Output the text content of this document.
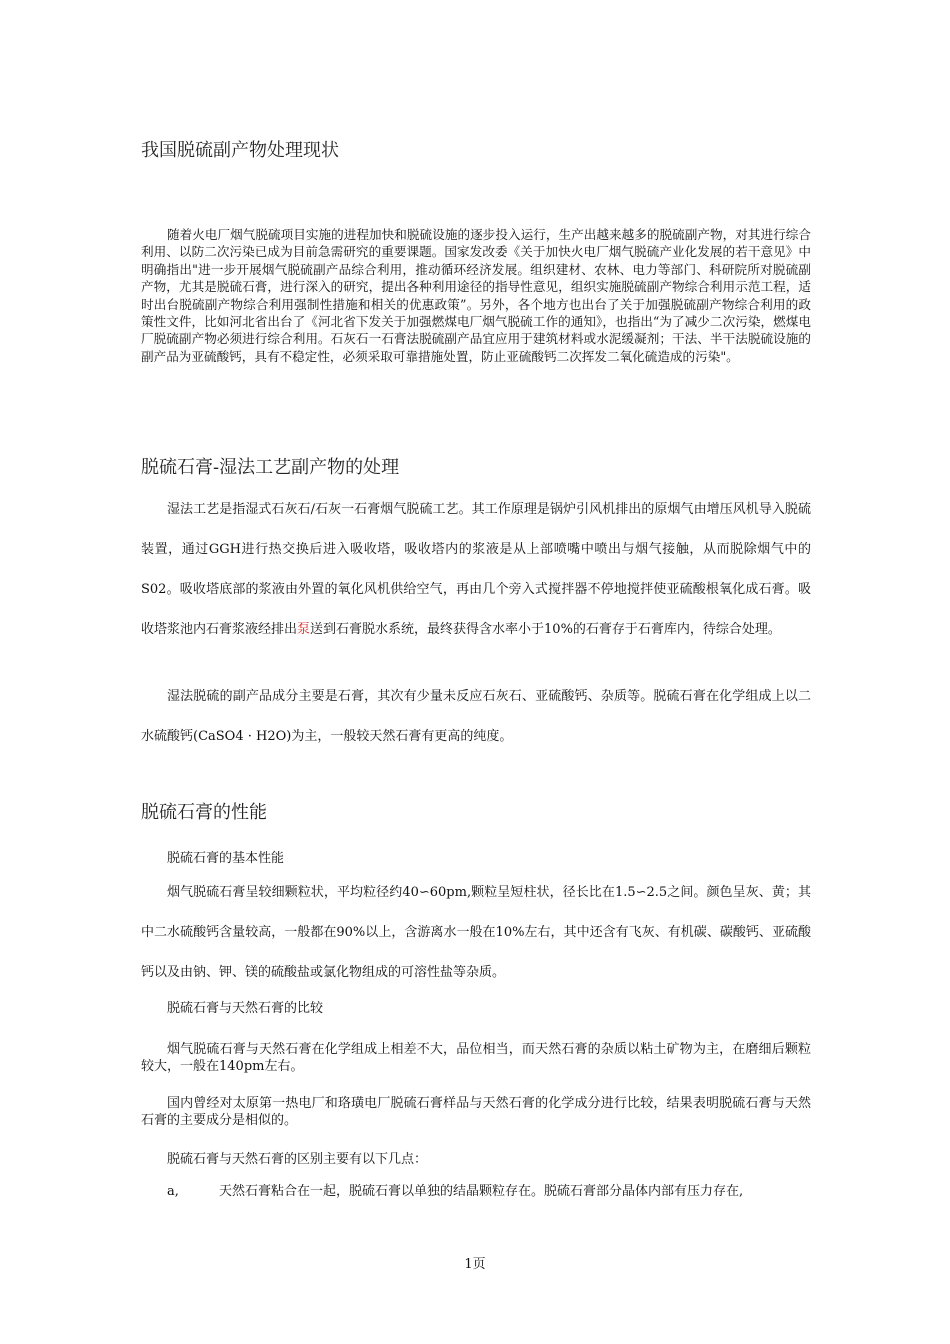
我国脱硫副产物处理现状

随着火电厂烟气脱硫项目实施的进程加快和脱硫设施的逐步投入运行，生产出越来越多的脱硫副产物，对其进行综合利用、以防二次污染已成为目前急需研究的重要课题。国家发改委《关于加快火电厂烟气脱硫产业化发展的若干意见》中明确指出"进一步开展烟气脱硫副产品综合利用，推动循环经济发展。组织建材、农林、电力等部门、科研院所对脱硫副产物，尤其是脱硫石膏，进行深入的研究，提出各种利用途径的指导性意见，组织实施脱硫副产物综合利用示范工程，适时出台脱硫副产物综合利用强制性措施和相关的优惠政策”。另外，各个地方也出台了关于加强脱硫副产物综合利用的政策性文件，比如河北省出台了《河北省下发关于加强燃煤电厂烟气脱硫工作的通知》，也指出“为了减少二次污染，燃煤电厂脱硫副产物必须进行综合利用。石灰石一石膏法脱硫副产品宜应用于建筑材料或水泥缓凝剂；干法、半干法脱硫设施的副产品为亚硫酸钙，具有不稳定性，必须采取可靠措施处置，防止亚硫酸钙二次挥发二氧化硫造成的污染"。

脱硫石膏-湿法工艺副产物的处理

湿法工艺是指湿式石灰石/石灰一石膏烟气脱硫工艺。其工作原理是锅炉引风机排出的原烟气由增压风机导入脱硫装置，通过GGH进行热交换后进入吸收塔，吸收塔内的浆液是从上部喷嘴中喷出与烟气接触，从而脱除烟气中的S02。吸收塔底部的浆液由外置的氧化风机供给空气，再由几个旁入式搅拌器不停地搅拌使亚硫酸根氧化成石膏。吸收塔浆池内石膏浆液经排出泵送到石膏脱水系统，最终获得含水率小于10%的石膏存于石膏库内，待综合处理。

湿法脱硫的副产品成分主要是石膏，其次有少量未反应石灰石、亚硫酸钙、杂质等。脱硫石膏在化学组成上以二水硫酸钙(CaSO4 · H2O)为主，一般较天然石膏有更高的纯度。

脱硫石膏的性能
脱硫石膏的基本性能

烟气脱硫石膏呈较细颗粒状，平均粒径约40∽60pm,颗粒呈短柱状，径长比在1.5∽2.5之间。颜色呈灰、黄；其中二水硫酸钙含量较高，一般都在90%以上，含游离水一般在10%左右，其中还含有飞灰、有机碳、碳酸钙、亚硫酸钙以及由钠、钾、镁的硫酸盐或氯化物组成的可溶性盐等杂质。

脱硫石膏与天然石膏的比较

烟气脱硫石膏与天然石膏在化学组成上相差不大，品位相当，而天然石膏的杂质以粘土矿物为主，在磨细后颗粒较大，一般在140pm左右。

国内曾经对太原第一热电厂和珞璜电厂脱硫石膏样品与天然石膏的化学成分进行比较，结果表明脱硫石膏与天然石膏的主要成分是相似的。

脱硫石膏与天然石膏的区别主要有以下几点：
a,	天然石膏粘合在一起，脱硫石膏以单独的结晶颗粒存在。脱硫石膏部分晶体内部有压力存在,
1页
